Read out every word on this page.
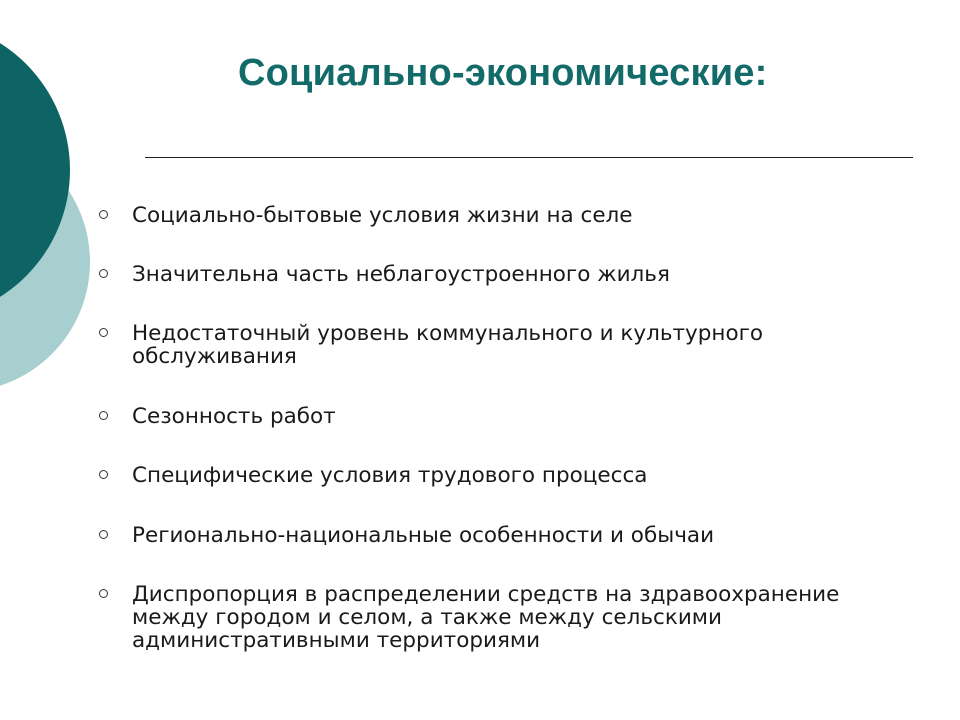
Социально-экономические:
Социально-бытовые условия жизни на селе
Значительна часть неблагоустроенного жилья
Недостаточный уровень коммунального и культурного
обслуживания
Сезонность работ
Специфические условия трудового процесса
Регионально-национальные особенности и обычаи
Диспропорция в распределении средств на здравоохранение
между городом и селом, а также между сельскими
административными территориями
